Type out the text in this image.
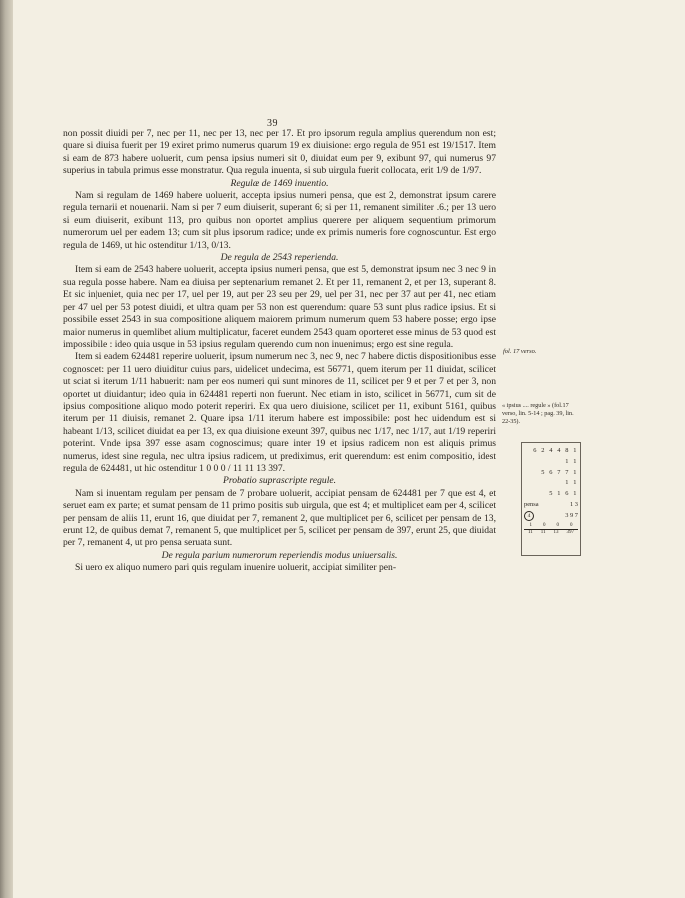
39

non possit diuidi per 7, nec per 11, nec per 13, nec per 17. Et pro ipsorum regula amplius querendum non est; quare si diuisa fuerit per 19 exiret primo numerus quarum 19 ex diuisione: ergo regula de 951 est 19/1517. Item si eam de 873 habere uoluerit, cum pensa ipsius numeri sit 0, diuidat eum per 9, exibunt 97, qui numerus 97 superius in tabula primus esse monstratur. Qua regula inuenta, si sub uirgula fuerit collocata, erit 1/9 de 1/97.

Regulæ de 1469 inuentio.

Nam si regulam de 1469 habere uoluerit, accepta ipsius numeri pensa, que est 2, demonstrat ipsum carere regula ternarii et nouenarii. Nam si per 7 eum diuiserit, superant 6; si per 11, remanent similiter .6.; per 13 uero si eum diuiserit, exibunt 113, pro quibus non oportet amplius querere per aliquem sequentium primorum numerorum uel per eadem 13; cum sit plus ipsorum radice; unde ex primis numeris fore cognoscuntur. Est ergo regula de 1469, ut hic ostenditur 1/13, 0/13.

De regula de 2543 reperienda.

Item si eam de 2543 habere uoluerit, accepta ipsius numeri pensa, que est 5, demonstrat ipsum nec 3 nec 9 in sua regula posse habere. Nam ea diuisa per septenarium remanet 2. Et per 11, remanent 2, et per 13, superant 8. Et sic in|ueniet, quia nec per 17, uel per 19, aut per 23 seu per 29, uel per 31, nec per 37 aut per 41, nec etiam per 47 uel per 53 potest diuidi, et ultra quam per 53 non est querendum: quare 53 sunt plus radice ipsius. Et si possibile esset 2543 in sua compositione aliquem maiorem primum numerum quem 53 habere posse; ergo ipse maior numerus in quemlibet alium multiplicatur, faceret eundem 2543 quam oporteret esse minus de 53 quod est impossibile : ideo quia usque in 53 ipsius regulam querendo cum non inuenimus; ergo est sine regula.

Item si eadem 624481 reperire uoluerit, ipsum numerum nec 3, nec 9, nec 7 habere dictis dispositionibus esse cognoscet: per 11 uero diuiditur cuius pars, uidelicet undecima, est 56771, quem iterum per 11 diuidat, scilicet ut sciat si iterum 1/11 habuerit: nam per eos numeri qui sunt minores de 11, scilicet per 9 et per 7 et per 3, non oportet ut diuidantur; ideo quia in 624481 reperti non fuerunt. Nec etiam in isto, scilicet in 56771, cum sit de ipsius compositione aliquo modo poterit reperiri. Ex qua uero diuisione, scilicet per 11, exibunt 5161, quibus iterum per 11 diuisis, remanet 2. Quare ipsa 1/11 iterum habere est impossibile: post hec uidendum est si habeant 1/13, scilicet diuidat ea per 13, ex qua diuisione exeunt 397, quibus nec 1/17, nec 1/17, aut 1/19 reperiri poterint. Vnde ipsa 397 esse asam cognoscimus; quare inter 19 et ipsius radicem non est aliquis primus numerus, idest sine regula, nec ultra ipsius radicem, ut prediximus, erit querendum: est enim compositio, idest regula de 624481, ut hic ostenditur 1 0 0 0 / 11 11 13 397.

Probatio suprascripte regule.

Nam si inuentam regulam per pensam de 7 probare uoluerit, accipiat pensam de 624481 per 7 que est 4, et seruet eam ex parte; et sumat pensam de 11 primo positis sub uirgula, que est 4; et multiplicet eam per 4, scilicet per pensam de aliis 11, erunt 16, que diuidat per 7, remanent 2, que multiplicet per 6, scilicet per pensam de 13, erunt 12, de quibus demat 7, remanent 5, que multiplicet per 5, scilicet per pensam de 397, erunt 25, que diuidat per 7, remanent 4, ut pro pensa seruata sunt.

De regula parium numerorum reperiendis modus uniuersalis.

Si uero ex aliquo numero pari quis regulam inuenire uoluerit, accipiat similiter pen-

fol. 17 verso.
« ipsius .... regule » (fol.17 verso, lin. 5-14 ; pag. 39, lin. 22-35).
6 2 4 4 8 1
1 1
5 6 7 7 1
1 1
5 1 6 1
pensa	1 3
4	3 9 7
1 0 0 0
11 11 13 397
